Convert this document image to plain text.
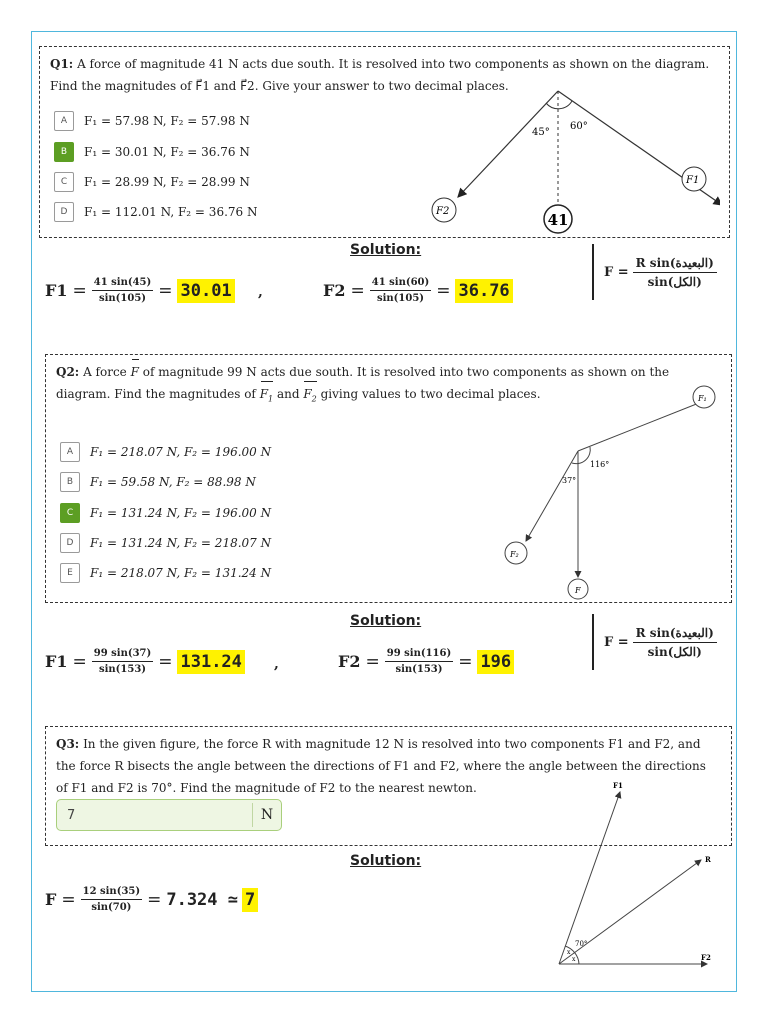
Q1: A force of magnitude 41 N acts due south. It is resolved into two components as shown on the diagram. Find the magnitudes of F⃗1 and F⃗2. Give your answer to two decimal places.
A	F₁ = 57.98 N, F₂ = 57.98 N
B	F₁ = 30.01 N, F₂ = 36.76 N
C	F₁ = 28.99 N, F₂ = 28.99 N
D	F₁ = 112.01 N, F₂ = 36.76 N
45°
60°
F2
F1
41
Solution:
$F1 = \frac{41 \sin(45)}{\sin(105)} = 30.01$ ,	$F2 = \frac{41 \sin(60)}{\sin(105)} = 36.76$
$F = \frac{\text{R sin(البعيدة)}}{\text{sin(الكل)}}$
Q2: A force F of magnitude 99 N acts due south. It is resolved into two components as shown on the diagram. Find the magnitudes of $F_1$ and $F_2$ giving values to two decimal places.
A	F₁ = 218.07 N, F₂ = 196.00 N
B	F₁ = 59.58 N, F₂ = 88.98 N
C	F₁ = 131.24 N, F₂ = 196.00 N
D	F₁ = 131.24 N, F₂ = 218.07 N
E	F₁ = 218.07 N, F₂ = 131.24 N
37°
116°
F₁
F₂
F
Solution:
$F1 = \frac{99 \sin(37)}{\sin(153)} = 131.24$ ,	$F2 = \frac{99 \sin(116)}{\sin(153)} = 196$
$F = \frac{\text{R sin(البعيدة)}}{\text{sin(الكل)}}$
Q3: In the given figure, the force R with magnitude 12 N is resolved into two components F1 and F2, and the force R bisects the angle between the directions of F1 and F2, where the angle between the directions of F1 and F2 is 70°. Find the magnitude of F2 to the nearest newton.
7	N
Solution:
$F = \frac{12 \sin(35)}{\sin(70)} = 7.324$ ≃ 7
70°
x
x
F1
R
F2
